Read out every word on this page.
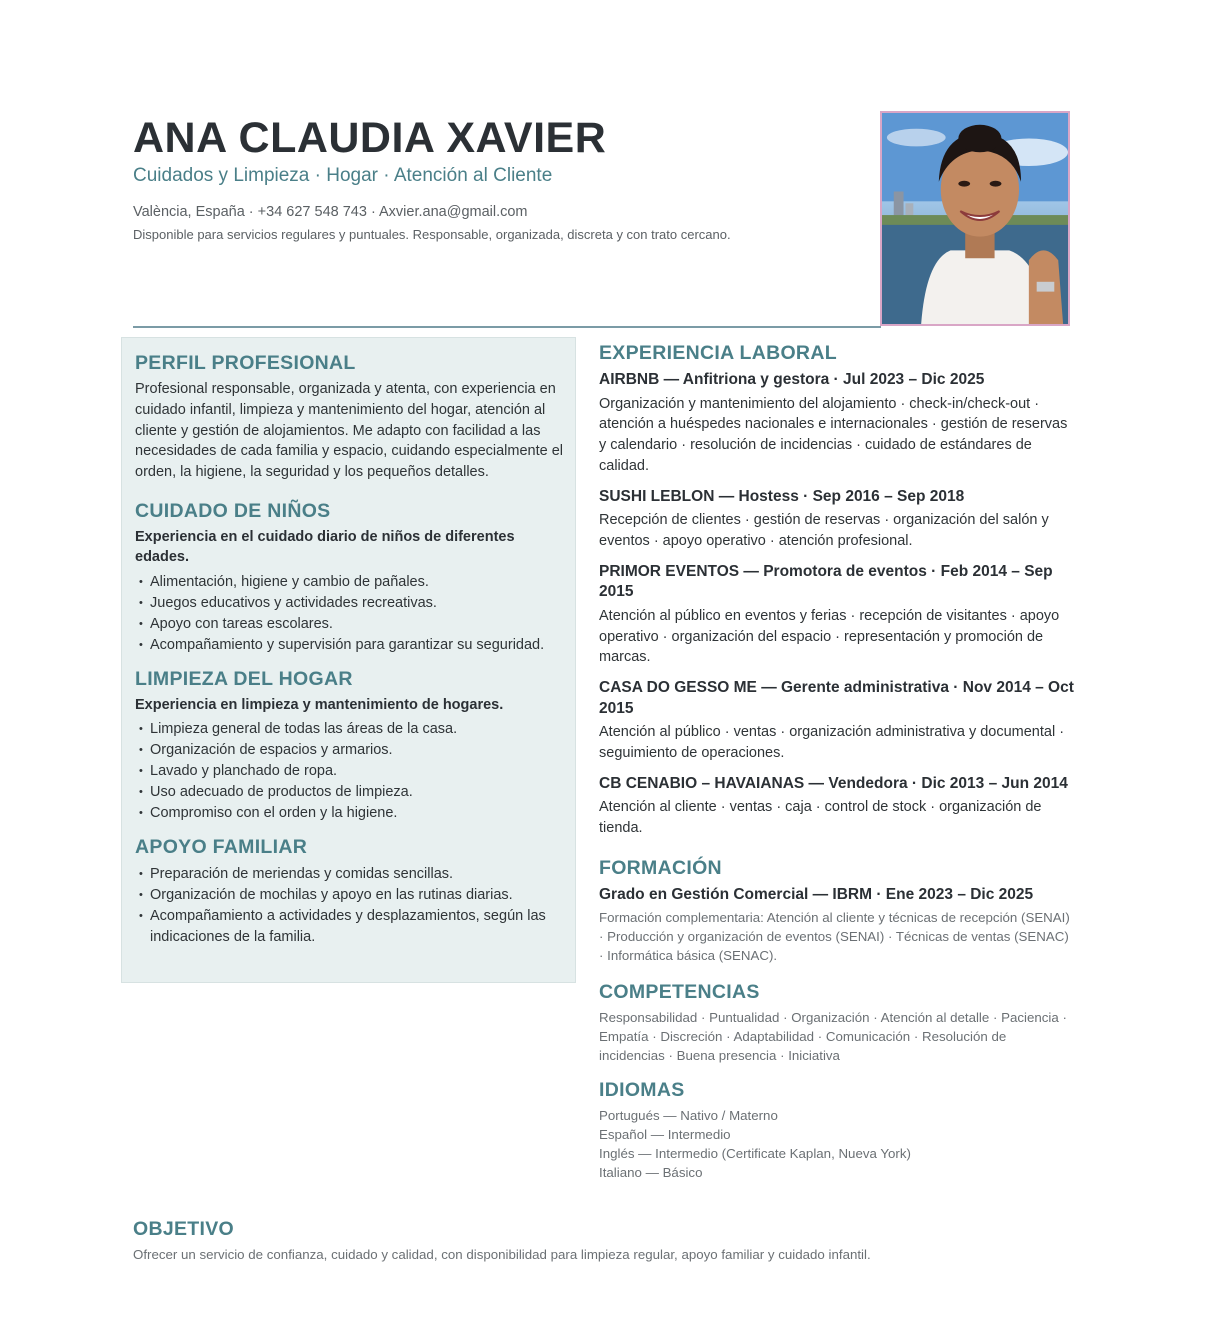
ANA CLAUDIA XAVIER
Cuidados y Limpieza · Hogar · Atención al Cliente
València, España · +34 627 548 743 · Axvier.ana@gmail.com
Disponible para servicios regulares y puntuales. Responsable, organizada, discreta y con trato cercano.
PERFIL PROFESIONAL

Profesional responsable, organizada y atenta, con experiencia en cuidado infantil, limpieza y mantenimiento del hogar, atención al cliente y gestión de alojamientos. Me adapto con facilidad a las necesidades de cada familia y espacio, cuidando especialmente el orden, la higiene, la seguridad y los pequeños detalles.

CUIDADO DE NIÑOS

Experiencia en el cuidado diario de niños de diferentes edades.

• Alimentación, higiene y cambio de pañales.
• Juegos educativos y actividades recreativas.
• Apoyo con tareas escolares.
• Acompañamiento y supervisión para garantizar su seguridad.
LIMPIEZA DEL HOGAR

Experiencia en limpieza y mantenimiento de hogares.

• Limpieza general de todas las áreas de la casa.
• Organización de espacios y armarios.
• Lavado y planchado de ropa.
• Uso adecuado de productos de limpieza.
• Compromiso con el orden y la higiene.
APOYO FAMILIAR
• Preparación de meriendas y comidas sencillas.
• Organización de mochilas y apoyo en las rutinas diarias.
• Acompañamiento a actividades y desplazamientos, según las indicaciones de la familia.
EXPERIENCIA LABORAL

AIRBNB — Anfitriona y gestora · Jul 2023 – Dic 2025

Organización y mantenimiento del alojamiento · check-in/check-out · atención a huéspedes nacionales e internacionales · gestión de reservas y calendario · resolución de incidencias · cuidado de estándares de calidad.

SUSHI LEBLON — Hostess · Sep 2016 – Sep 2018

Recepción de clientes · gestión de reservas · organización del salón y eventos · apoyo operativo · atención profesional.

PRIMOR EVENTOS — Promotora de eventos · Feb 2014 – Sep 2015

Atención al público en eventos y ferias · recepción de visitantes · apoyo operativo · organización del espacio · representación y promoción de marcas.

CASA DO GESSO ME — Gerente administrativa · Nov 2014 – Oct 2015

Atención al público · ventas · organización administrativa y documental · seguimiento de operaciones.

CB CENABIO – HAVAIANAS — Vendedora · Dic 2013 – Jun 2014

Atención al cliente · ventas · caja · control de stock · organización de tienda.

FORMACIÓN

Grado en Gestión Comercial — IBRM · Ene 2023 – Dic 2025

Formación complementaria: Atención al cliente y técnicas de recepción (SENAI) · Producción y organización de eventos (SENAI) · Técnicas de ventas (SENAC) · Informática básica (SENAC).

COMPETENCIAS

Responsabilidad · Puntualidad · Organización · Atención al detalle · Paciencia · Empatía · Discreción · Adaptabilidad · Comunicación · Resolución de incidencias · Buena presencia · Iniciativa

IDIOMAS
Portugués — Nativo / Materno
Español — Intermedio
Inglés — Intermedio (Certificate Kaplan, Nueva York)
Italiano — Básico
OBJETIVO

Ofrecer un servicio de confianza, cuidado y calidad, con disponibilidad para limpieza regular, apoyo familiar y cuidado infantil.
